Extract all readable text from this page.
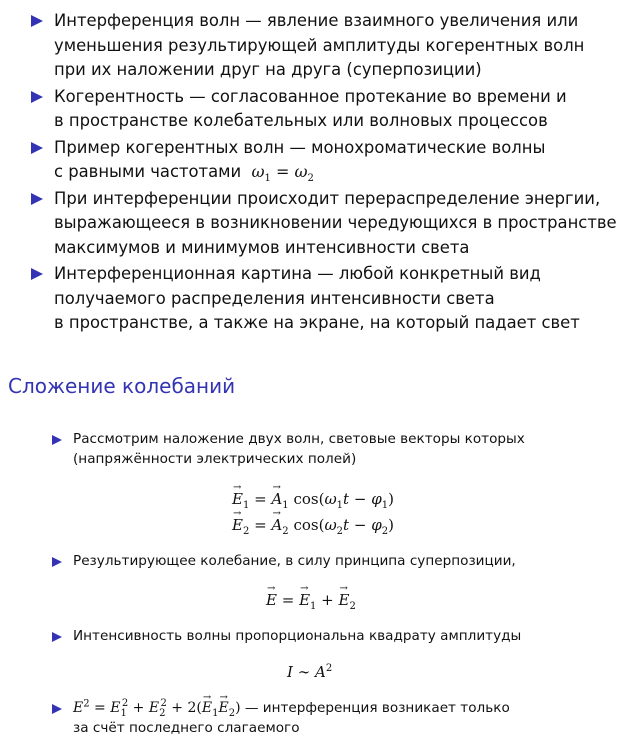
Интерференция волн — явление взаимного увеличения или
уменьшения результирующей амплитуды когерентных волн
при их наложении друг на друга (суперпозиции)
Когерентность — согласованное протекание во времени и
в пространстве колебательных или волновых процессов
Пример когерентных волн — монохроматические волны
с равными частотами $\omega_1 = \omega_2$
При интерференции происходит перераспределение энергии,
выражающееся в возникновении чередующихся в пространстве
максимумов и минимумов интенсивности света
Интерференционная картина — любой конкретный вид
получаемого распределения интенсивности света
в пространстве, а также на экране, на который падает свет
Сложение колебаний
Рассмотрим наложение двух волн, световые векторы которых
(напряжённости электрических полей)
→ $E_1$ = → $A_1$ $\cos(\omega_1t - \varphi_1)$
→ $E_2$ = → $A_2$ $\cos(\omega_2t - \varphi_2)$
Результирующее колебание, в силу принципа суперпозиции,
→ E = → $E_1$ + → $E_2$
Интенсивность волны пропорциональна квадрату амплитуды
I ∼ $A^2$
$E^2 = E_1^2 + E_2^2 + 2(\to E_1\to E_2)$ — интерференция возникает только
за счёт последнего слагаемого
